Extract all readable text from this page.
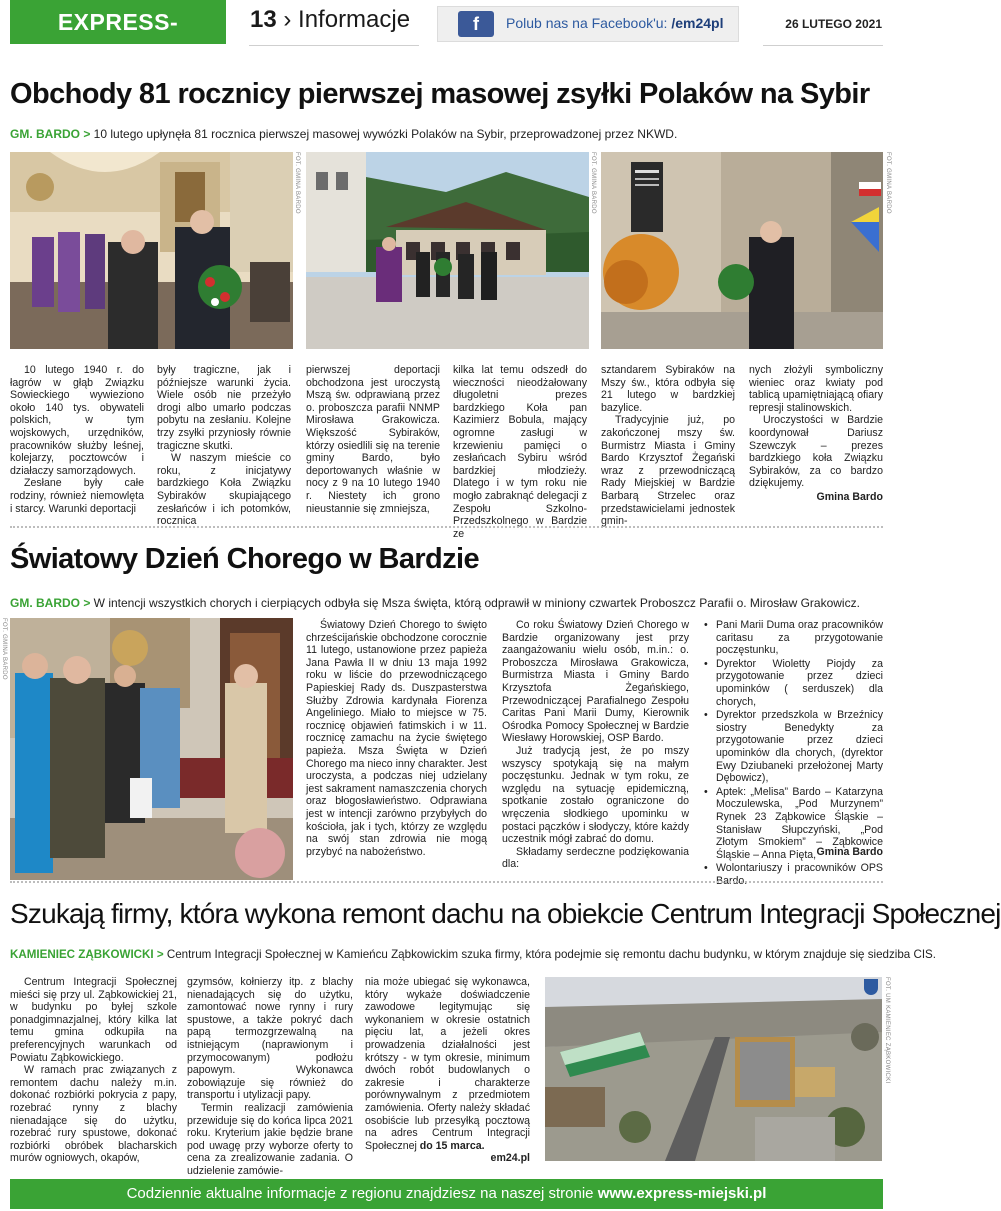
EXPRESS-MIEJSKI.PL
13 › Informacje	f	Polub nas na Facebook'u: /em24pl	26 LUTEGO 2021
Obchody 81 rocznicy pierwszej masowej zsyłki Polaków na Sybir
GM. BARDO > 10 lutego upłynęła 81 rocznica pierwszej masowej wywózki Polaków na Sybir, przeprowadzonej przez NKWD.
FOT. GMINA BARDO	FOT. GMINA BARDO	FOT. GMINA BARDO

10 lutego 1940 r. do łagrów w głąb Związku Sowieckiego wywieziono około 140 tys. obywateli polskich, w tym wojskowych, urzędników, pracowników służby leśnej, kolejarzy, pocztowców i działaczy samorządowych.

Zesłane były całe rodziny, również niemowlęta i starcy. Warunki deportacji

były tragiczne, jak i późniejsze warunki życia. Wiele osób nie przeżyło drogi albo umarło podczas pobytu na zesłaniu. Kolejne trzy zsyłki przyniosły równie tragiczne skutki.

W naszym mieście co roku, z inicjatywy bardzkiego Koła Związku Sybiraków skupiającego zesłańców i ich potomków, rocznica

pierwszej deportacji obchodzona jest uroczystą Mszą św. odprawianą przez o. proboszcza parafii NNMP Mirosława Grakowicza. Większość Sybiraków, którzy osiedlili się na terenie gminy Bardo, było deportowanych właśnie w nocy z 9 na 10 lutego 1940 r. Niestety ich grono nieustannie się zmniejsza,

kilka lat temu odszedł do wieczności nieodżałowany długoletni prezes bardzkiego Koła pan Kazimierz Bobula, mający ogromne zasługi w krzewieniu pamięci o zesłańcach Sybiru wśród bardzkiej młodzieży. Dlatego i w tym roku nie mogło zabraknąć delegacji z Zespołu Szkolno-Przedszkolnego w Bardzie ze

sztandarem Sybiraków na Mszy św., która odbyła się 21 lutego w bardzkiej bazylice.

Tradycyjnie już, po zakończonej mszy św. Burmistrz Miasta i Gminy Bardo Krzysztof Żegański wraz z przewodniczącą Rady Miejskiej w Bardzie Barbarą Strzelec oraz przedstawicielami jednostek gmin-

nych złożyli symboliczny wieniec oraz kwiaty pod tablicą upamiętniającą ofiary represji stalinowskich.

Uroczystości w Bardzie koordynował Dariusz Szewczyk – prezes bardzkiego koła Związku Sybiraków, za co bardzo dziękujemy.

Gmina Bardo
Światowy Dzień Chorego w Bardzie
GM. BARDO > W intencji wszystkich chorych i cierpiących odbyła się Msza święta, którą odprawił w miniony czwartek Proboszcz Parafii o. Mirosław Grakowicz.
FOT. GMINA BARDO	Światowy Dzień Chorego to święto chrześcijańskie obchodzone corocznie 11 lutego, ustanowione przez papieża Jana Pawła II w dniu 13 maja 1992 roku w liście do przewodniczącego Papieskiej Rady ds. Duszpasterstwa Służby Zdrowia kardynała Fiorenza Angeliniego. Miało to miejsce w 75. rocznicę objawień fatimskich i w 11. rocznicę zamachu na życie świętego papieża. Msza Święta w Dzień Chorego ma nieco inny charakter. Jest uroczysta, a podczas niej udzielany jest sakrament namaszczenia chorych oraz błogosławieństwo. Odprawiana jest w intencji zarówno przybyłych do kościoła, jak i tych, którzy ze względu na swój stan zdrowia nie mogą przybyć na nabożeństwo.

Co roku Światowy Dzień Chorego w Bardzie organizowany jest przy zaangażowaniu wielu osób, m.in.: o. Proboszcza Mirosława Grakowicza, Burmistrza Miasta i Gminy Bardo Krzysztofa Żegańskiego, Przewodniczącej Parafialnego Zespołu Caritas Pani Marii Dumy, Kierownik Ośrodka Pomocy Społecznej w Bardzie Wiesławy Horowskiej, OSP Bardo.

Już tradycją jest, że po mszy wszyscy spotykają się na małym poczęstunku. Jednak w tym roku, ze względu na sytuację epidemiczną, spotkanie zostało ograniczone do wręczenia słodkiego upominku w postaci pączków i słodyczy, które każdy uczestnik mógł zabrać do domu.

Składamy serdeczne podziękowania dla:

• Pani Marii Duma oraz pracowników caritasu za przygotowanie poczęstunku,
• Dyrektor Wioletty Piojdy za przygotowanie przez dzieci upominków ( serduszek) dla chorych,
• Dyrektor przedszkola w Brzeźnicy siostry Benedykty za przygotowanie przez dzieci upominków dla chorych, (dyrektor Ewy Dziubaneki przełożonej Marty Dębowicz),
• Aptek: „Melisa” Bardo – Katarzyna Moczulewska, „Pod Murzynem” Rynek 23 Ząbkowice Śląskie – Stanisław Słupczyński, „Pod Złotym Smokiem” – Ząbkowice Śląskie – Anna Pięta,
• Wolontariuszy i pracowników OPS Bardo.
Gmina Bardo
Szukają firmy, która wykona remont dachu na obiekcie Centrum Integracji Społecznej
KAMIENIEC ZĄBKOWICKI > Centrum Integracji Społecznej w Kamieńcu Ząbkowickim szuka firmy, która podejmie się remontu dachu budynku, w którym znajduje się siedziba CIS.

Centrum Integracji Społecznej mieści się przy ul. Ząbkowickiej 21, w budynku po byłej szkole ponadgimnazjalnej, który kilka lat temu gmina odkupiła na preferencyjnych warunkach od Powiatu Ząbkowickiego.

W ramach prac związanych z remontem dachu należy m.in. dokonać rozbiórki pokrycia z papy, rozebrać rynny z blachy nienadające się do użytku, rozebrać rury spustowe, dokonać rozbiórki obróbek blacharskich murów ogniowych, okapów,

gzymsów, kołnierzy itp. z blachy nienadających się do użytku, zamontować nowe rynny i rury spustowe, a także pokryć dach papą termozgrzewalną na istniejącym (naprawionym i przymocowanym) podłożu papowym. Wykonawca zobowiązuje się również do transportu i utylizacji papy.

Termin realizacji zamówienia przewiduje się do końca lipca 2021 roku. Kryterium jakie będzie brane pod uwagę przy wyborze oferty to cena za zrealizowanie zadania. O udzielenie zamówie-

nia może ubiegać się wykonawca, który wykaże doświadczenie zawodowe legitymując się wykonaniem w okresie ostatnich pięciu lat, a jeżeli okres prowadzenia działalności jest krótszy - w tym okresie, minimum dwóch robót budowlanych o zakresie i charakterze porównywalnym z przedmiotem zamówienia. Oferty należy składać osobiście lub przesyłką pocztową na adres Centrum Integracji Społecznej do 15 marca.

em24.pl
FOT. UM KAMIENIEC ZĄBKOWICKI
Codziennie aktualne informacje z regionu znajdziesz na naszej stronie www.express-miejski.pl
